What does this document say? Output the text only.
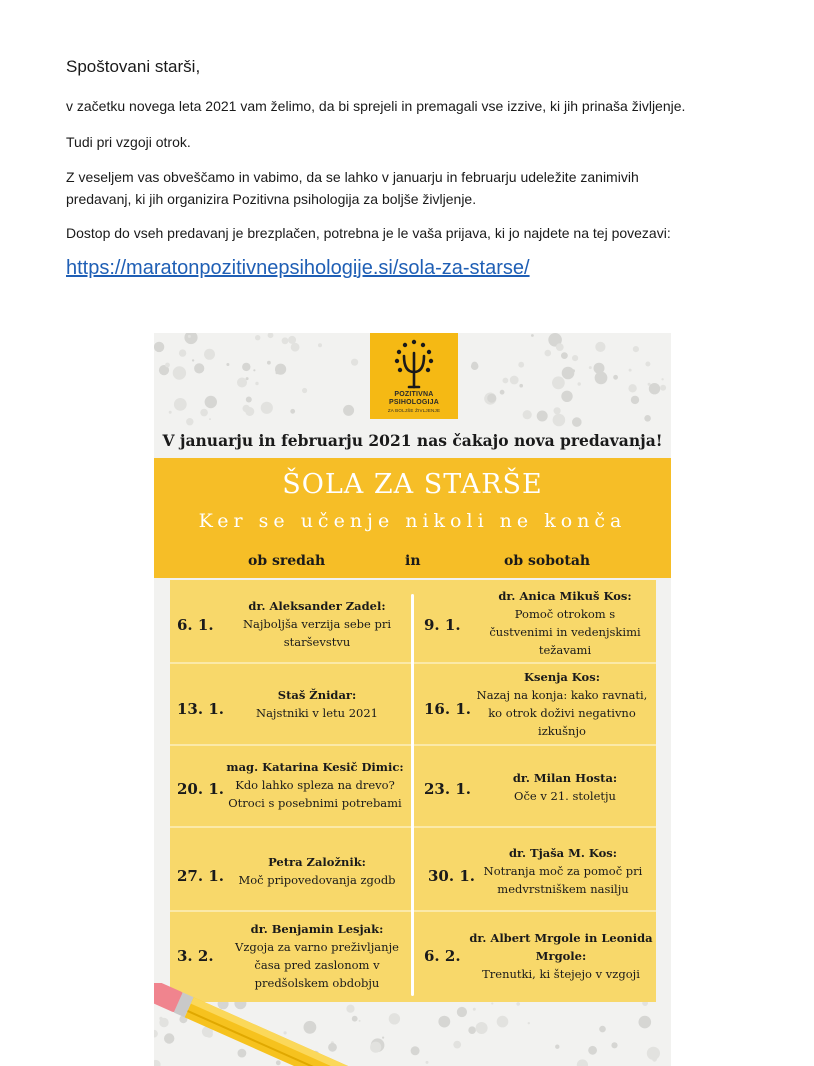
Spoštovani starši,
v začetku novega leta 2021 vam želimo, da bi sprejeli in premagali vse izzive, ki jih prinaša življenje.
Tudi pri vzgoji otrok.
Z veseljem vas obveščamo in vabimo, da se lahko v januarju in februarju udeležite zanimivih
predavanj, ki jih organizira Pozitivna psihologija za boljše življenje.
Dostop do vseh predavanj je brezplačen, potrebna je le vaša prijava, ki jo najdete na tej povezavi:
https://maratonpozitivnepsihologije.si/sola-za-starse/
POZITIVNA
PSIHOLOGIJA
ZA BOLJŠE ŽIVLJENJE
V januarju in februarju 2021 nas čakajo nova predavanja!
ŠOLA ZA STARŠE
Ker se učenje nikoli ne konča
ob sredah	in	ob sobotah
6. 1.
dr. Aleksander Zadel:
Najboljša verzija sebe pri
starševstvu
13. 1.
Staš Žnidar:
Najstniki v letu 2021
20. 1.
mag. Katarina Kesič Dimic:
Kdo lahko spleza na drevo?
Otroci s posebnimi potrebami
27. 1.
Petra Založnik:
Moč pripovedovanja zgodb
3. 2.
dr. Benjamin Lesjak:
Vzgoja za varno preživljanje
časa pred zaslonom v
predšolskem obdobju
9. 1.
dr. Anica Mikuš Kos:
Pomoč otrokom s
čustvenimi in vedenjskimi
težavami
16. 1.
Ksenja Kos:
Nazaj na konja: kako ravnati,
ko otrok doživi negativno
izkušnjo
23. 1.
dr. Milan Hosta:
Oče v 21. stoletju
30. 1.
dr. Tjaša M. Kos:
Notranja moč za pomoč pri
medvrstniškem nasilju
6. 2.
dr. Albert Mrgole in Leonida
Mrgole:
Trenutki, ki štejejo v vzgoji
